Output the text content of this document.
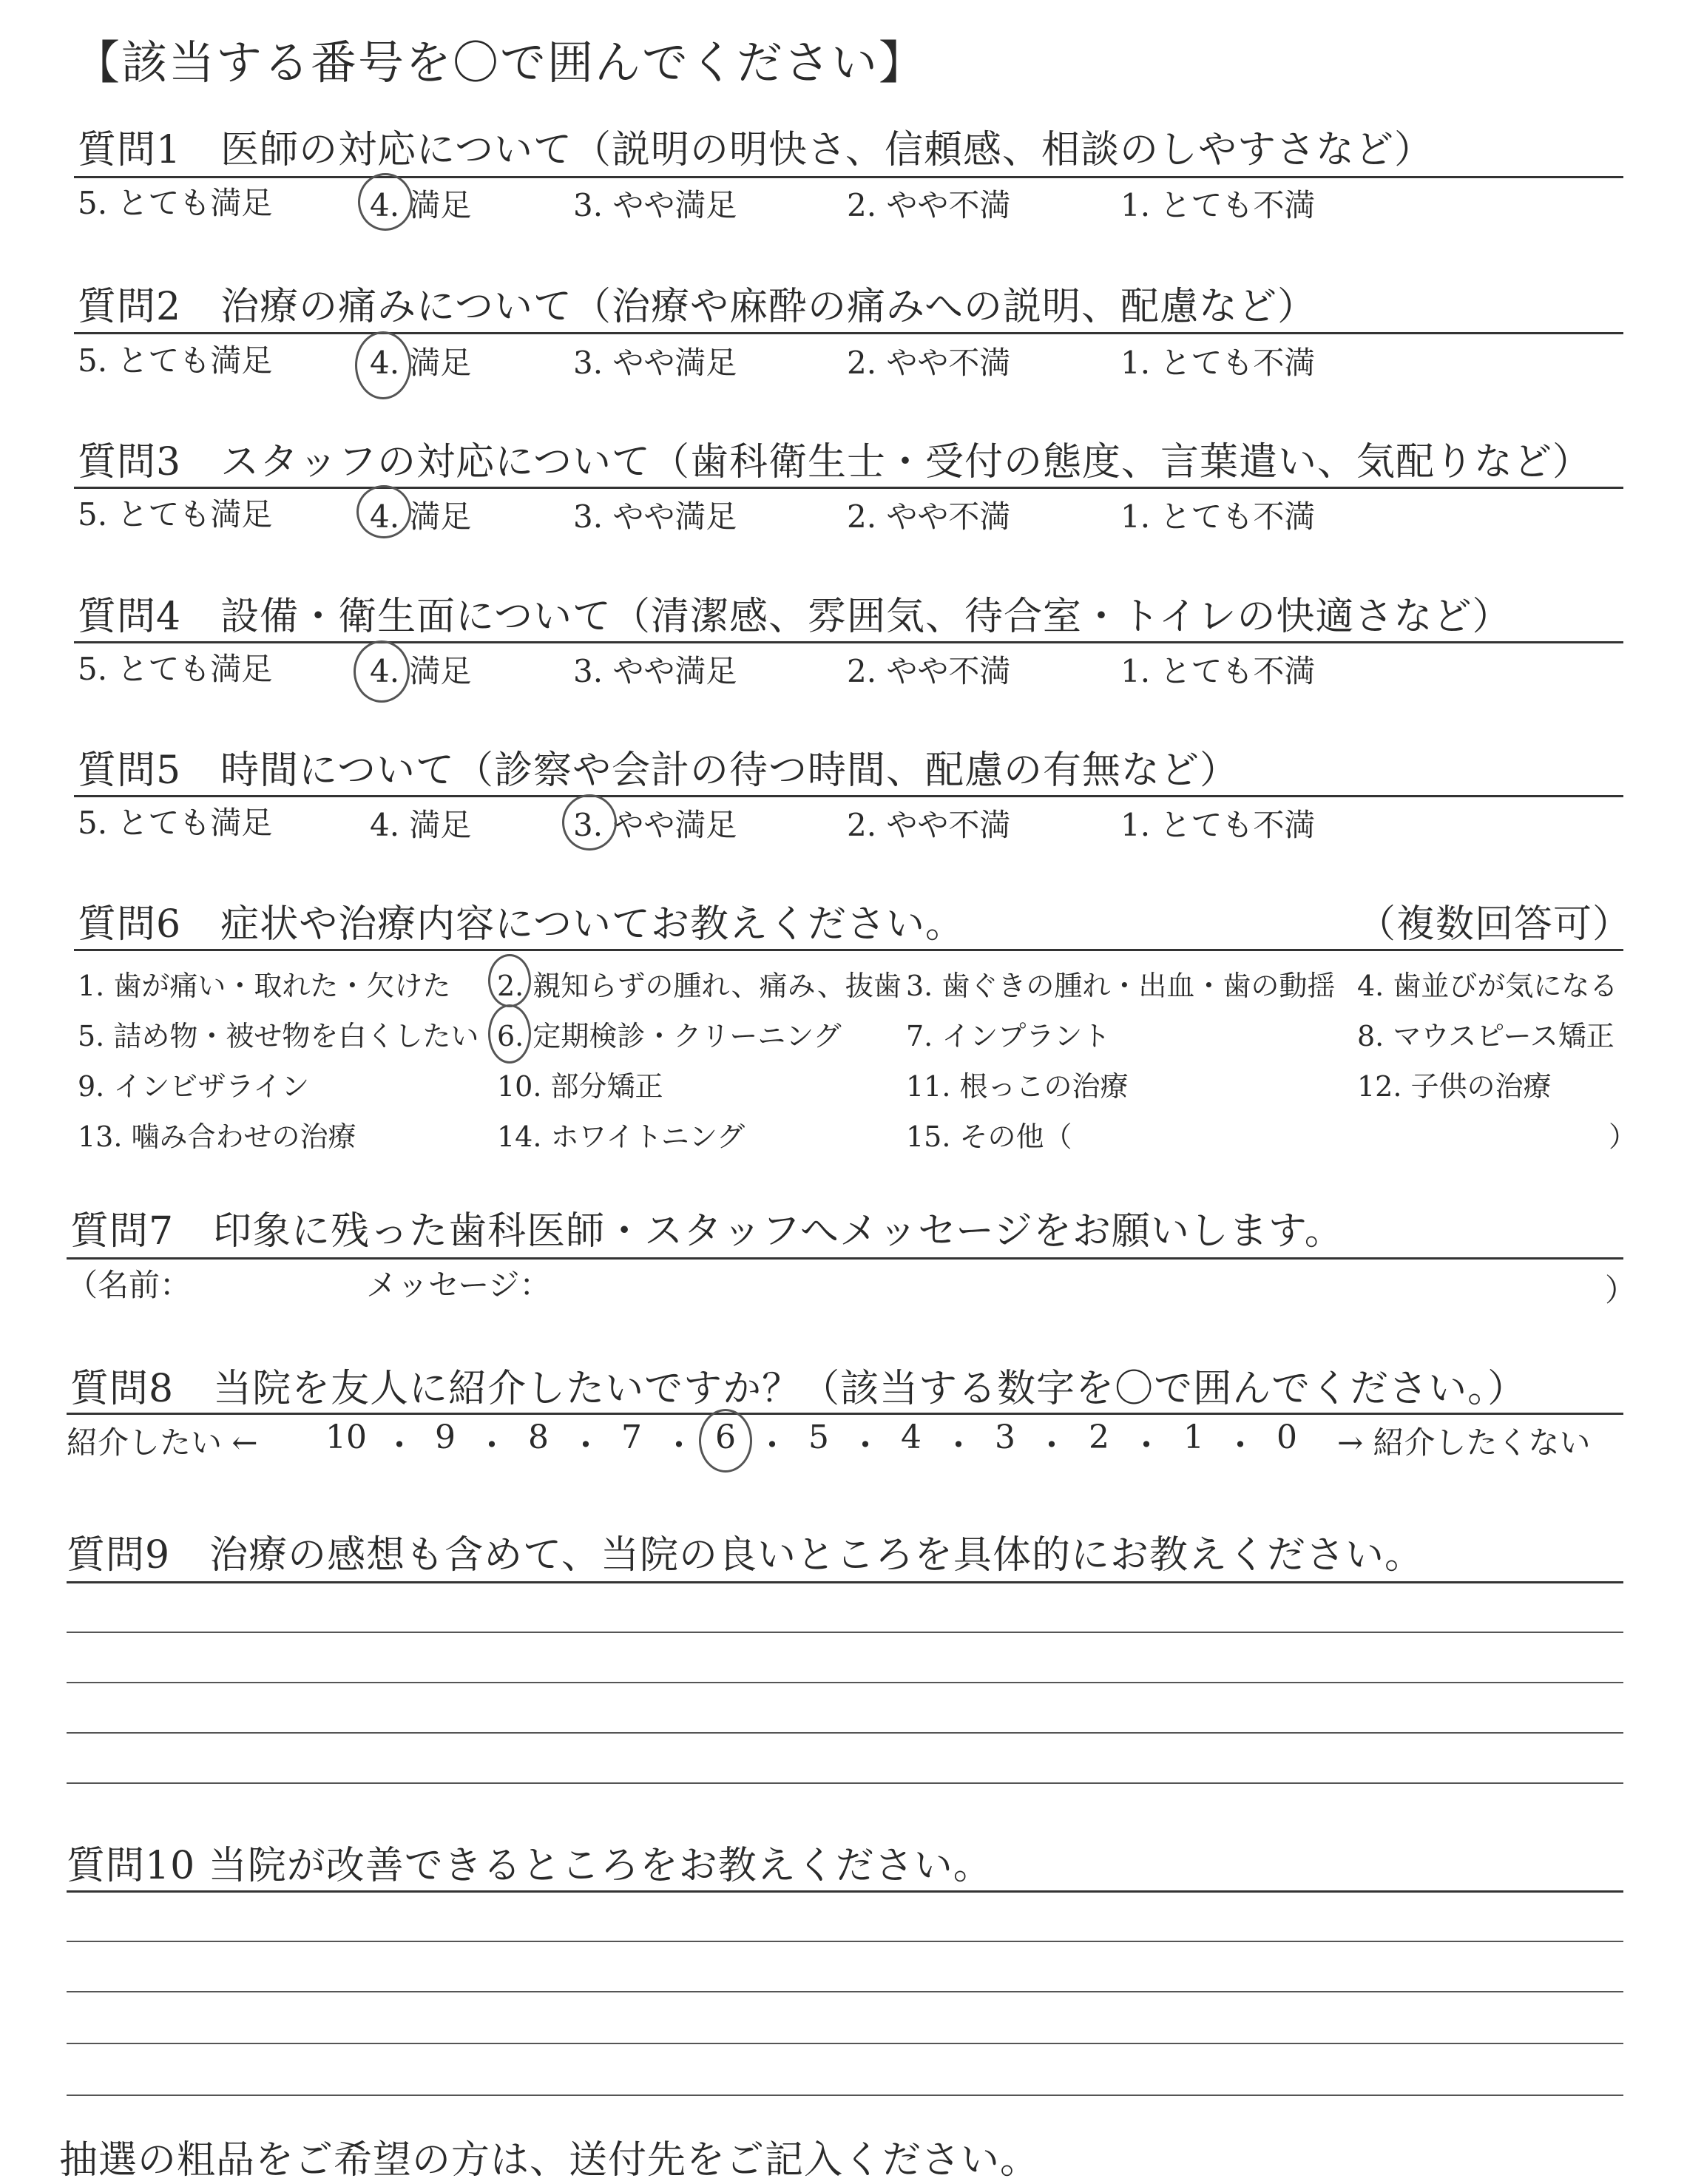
【該当する番号を〇で囲んでください】
質問1　医師の対応について（説明の明快さ、信頼感、相談のしやすさなど）
5. とても満足	4. 満足	3. やや満足	2. やや不満	1. とても不満
質問2　治療の痛みについて（治療や麻酔の痛みへの説明、配慮など）
5. とても満足	4. 満足	3. やや満足	2. やや不満	1. とても不満
質問3　スタッフの対応について（歯科衛生士・受付の態度、言葉遣い、気配りなど）
5. とても満足	4. 満足	3. やや満足	2. やや不満	1. とても不満
質問4　設備・衛生面について（清潔感、雰囲気、待合室・トイレの快適さなど）
5. とても満足	4. 満足	3. やや満足	2. やや不満	1. とても不満
質問5　時間について（診察や会計の待つ時間、配慮の有無など）
5. とても満足	4. 満足	3. やや満足	2. やや不満	1. とても不満
質問6　症状や治療内容についてお教えください。	（複数回答可）
1. 歯が痛い・取れた・欠けた 2. 親知らずの腫れ、痛み、抜歯 3. 歯ぐきの腫れ・出血・歯の動揺 4. 歯並びが気になる
5. 詰め物・被せ物を白くしたい 6. 定期検診・クリーニング 7. インプラント	8. マウスピース矯正
9. インビザライン	10. 部分矯正	11. 根っこの治療	12. 子供の治療
13. 噛み合わせの治療	14. ホワイトニング	15. その他（	）
質問7　印象に残った歯科医師・スタッフへメッセージをお願いします。
（名前：	メッセージ：	）
質問8　当院を友人に紹介したいですか？（該当する数字を〇で囲んでください。）
紹介したい ←	→ 紹介したくない
10 ・ 9 ・ 8 ・ 7 ・ 6 ・ 5 ・ 4 ・ 3 ・ 2 ・ 1 ・ 0
質問9　治療の感想も含めて、当院の良いところを具体的にお教えください。
質問10 当院が改善できるところをお教えください。
抽選の粗品をご希望の方は、送付先をご記入ください。
